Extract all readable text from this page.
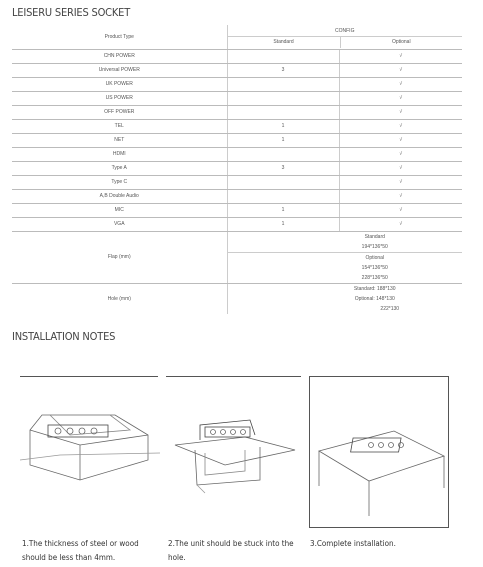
LEISERU SERIES SOCKET
Product Type	CONFIG
Standard Optional	

CHN POWER		√
Universal POWER	3	√
UK POWER		√
US POWER		√
OFF POWER		√
TEL	1	√
NET	1	√
HDMI		√
Type A	3	√
Type C		√
A,B Double Audio		√
MIC	1	√
VGA	1	√
Flap (mm)	Standard
194*136*50
Optional
154*136*50
228*136*50	

Hole (mm)	Standard: 188*130
Optional: 148*130
222*130	
INSTALLATION NOTES
1.The thickness of steel or wood should be less than 4mm.
2.The unit should be stuck into the hole.
3.Complete installation.
